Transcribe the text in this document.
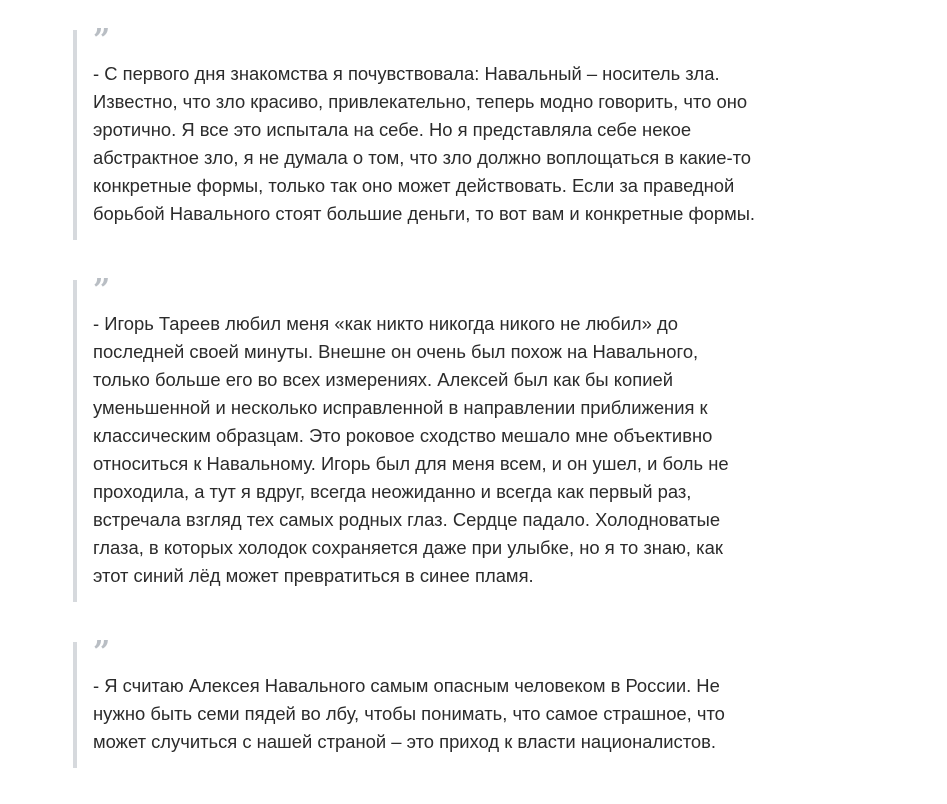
”

- С первого дня знакомства я почувствовала: Навальный – носитель зла.
Известно, что зло красиво, привлекательно, теперь модно говорить, что оно
эротично. Я все это испытала на себе. Но я представляла себе некое
абстрактное зло, я не думала о том, что зло должно воплощаться в какие-то
конкретные формы, только так оно может действовать. Если за праведной
борьбой Навального стоят большие деньги, то вот вам и конкретные формы.

”

- Игорь Тареев любил меня «как никто никогда никого не любил» до
последней своей минуты. Внешне он очень был похож на Навального,
только больше его во всех измерениях. Алексей был как бы копией
уменьшенной и несколько исправленной в направлении приближения к
классическим образцам. Это роковое сходство мешало мне объективно
относиться к Навальному. Игорь был для меня всем, и он ушел, и боль не
проходила, а тут я вдруг, всегда неожиданно и всегда как первый раз,
встречала взгляд тех самых родных глаз. Сердце падало. Холодноватые
глаза, в которых холодок сохраняется даже при улыбке, но я то знаю, как
этот синий лёд может превратиться в синее пламя.

”

- Я считаю Алексея Навального самым опасным человеком в России. Не
нужно быть семи пядей во лбу, чтобы понимать, что самое страшное, что
может случиться с нашей страной – это приход к власти националистов.
